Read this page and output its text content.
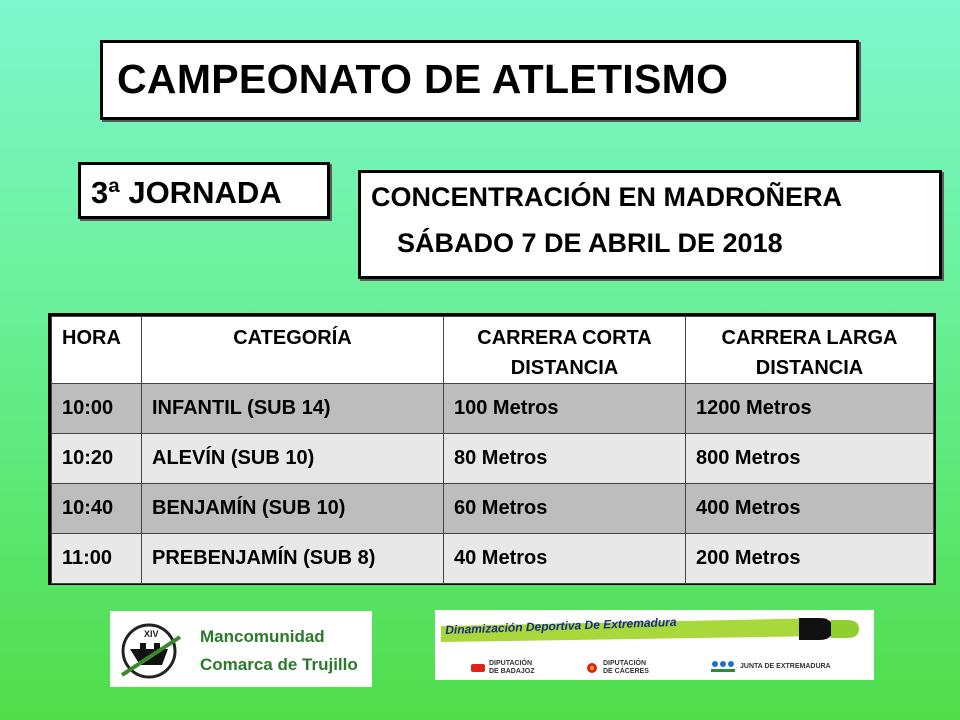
CAMPEONATO DE ATLETISMO
3ª JORNADA	CONCENTRACIÓN EN MADROÑERA
SÁBADO 7 DE ABRIL DE 2018
HORA	CATEGORÍA	CARRERA CORTA DISTANCIA	CARRERA LARGA DISTANCIA
10:00	INFANTIL (SUB 14)	100 Metros	1200 Metros
10:20	ALEVÍN (SUB 10)	80 Metros	800 Metros
10:40	BENJAMÍN (SUB 10)	60 Metros	400 Metros
11:00	PREBENJAMÍN (SUB 8)	40 Metros	200 Metros
XIV Mancomunidad
Comarca de Trujillo
Dinamización Deportiva De Extremadura
DIPUTACIÓN
DE BADAJOZ
DIPUTACIÓN
DE CÁCERES
JUNTA DE EXTREMADURA
